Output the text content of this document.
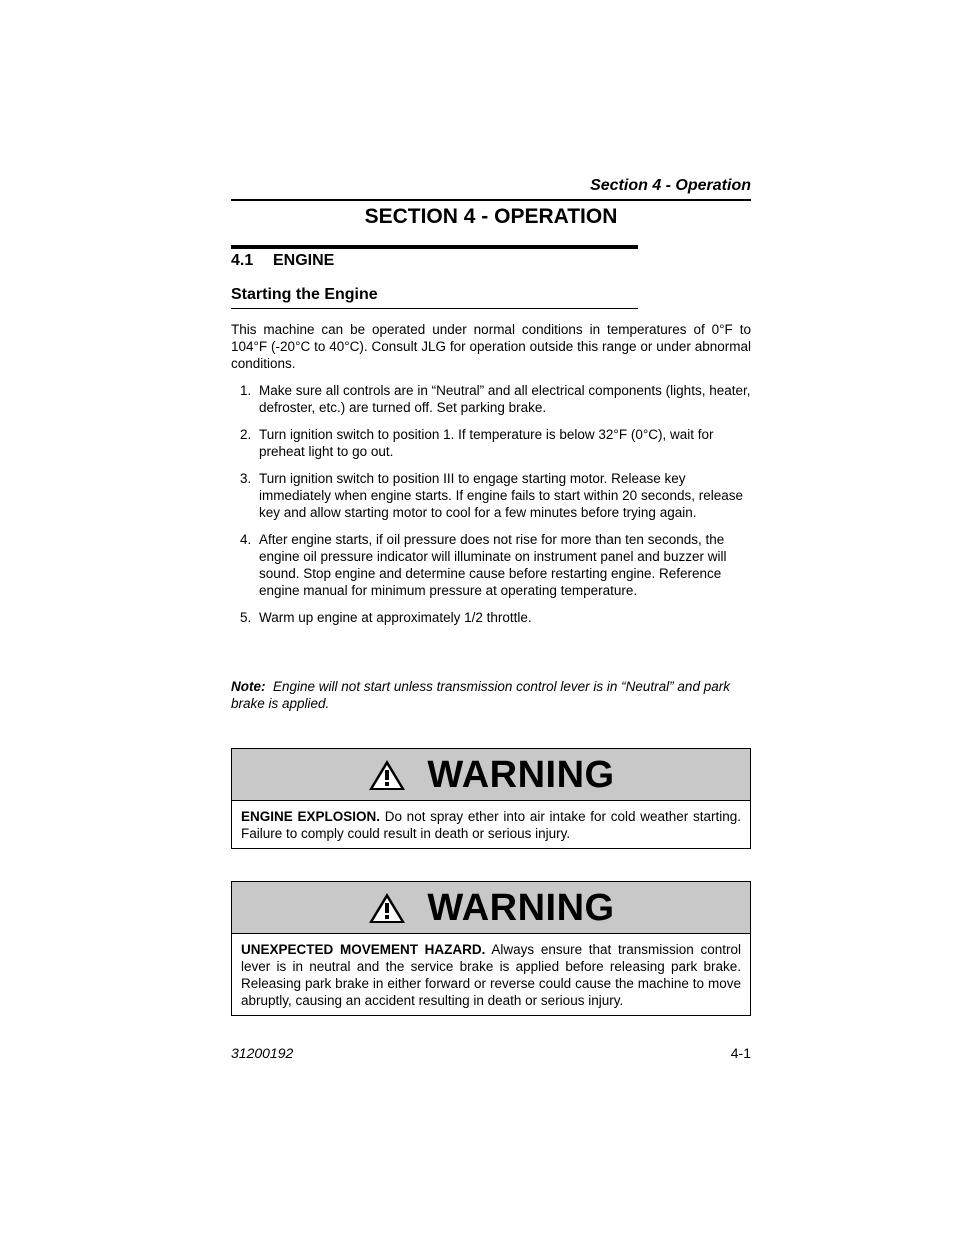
Section 4 - Operation
SECTION 4 - OPERATION
4.1 ENGINE
Starting the Engine

This machine can be operated under normal conditions in temperatures of 0°F to 104°F (-20°C to 40°C). Consult JLG for operation outside this range or under abnormal conditions.

1. Make sure all controls are in “Neutral” and all electrical components (lights, heater, defroster, etc.) are turned off. Set parking brake.
2. Turn ignition switch to position 1. If temperature is below 32°F (0°C), wait for preheat light to go out.
3. Turn ignition switch to position III to engage starting motor. Release key immediately when engine starts. If engine fails to start within 20 seconds, release key and allow starting motor to cool for a few minutes before trying again.
4. After engine starts, if oil pressure does not rise for more than ten seconds, the engine oil pressure indicator will illuminate on instrument panel and buzzer will sound. Stop engine and determine cause before restarting engine. Reference engine manual for minimum pressure at operating temperature.
5. Warm up engine at approximately 1/2 throttle.

Note: Engine will not start unless transmission control lever is in “Neutral” and park brake is applied.

WARNING
ENGINE EXPLOSION. Do not spray ether into air intake for cold weather starting. Failure to comply could result in death or serious injury.
WARNING
UNEXPECTED MOVEMENT HAZARD. Always ensure that transmission control lever is in neutral and the service brake is applied before releasing park brake. Releasing park brake in either forward or reverse could cause the machine to move abruptly, causing an accident resulting in death or serious injury.
31200192	4-1
